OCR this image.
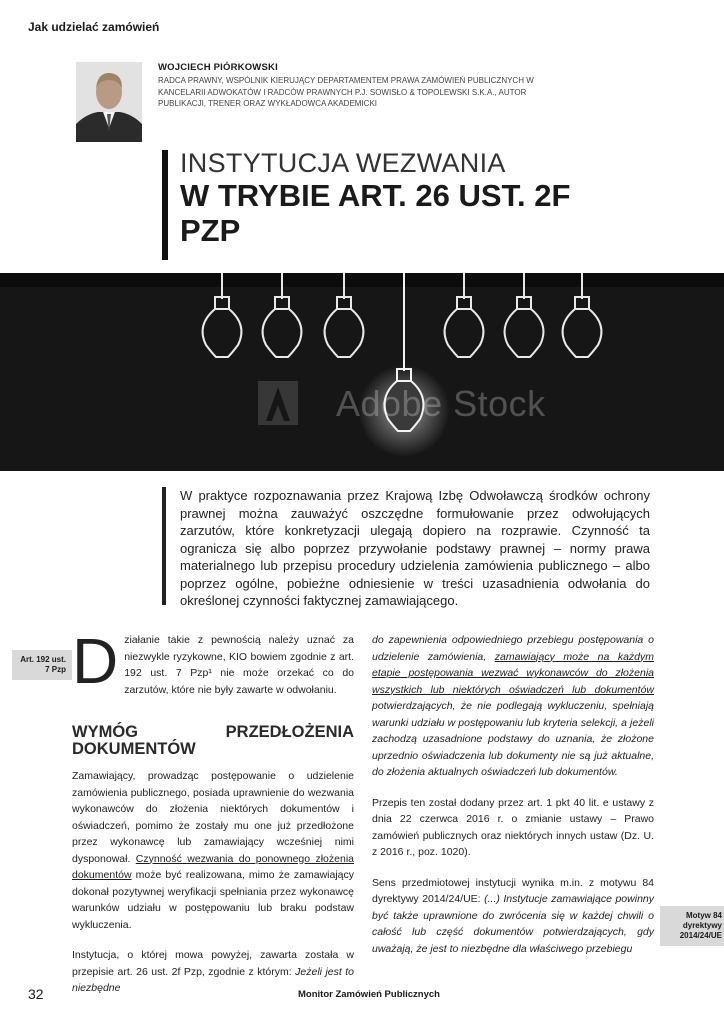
Jak udzielać zamówień
WOJCIECH PIÓRKOWSKI
RADCA PRAWNY, WSPÓLNIK KIERUJĄCY DEPARTAMENTEM PRAWA ZAMÓWIEŃ PUBLICZNYCH W KANCELARII ADWOKATÓW I RADCÓW PRAWNYCH P.J. SOWISŁO & TOPOLEWSKI S.K.A., AUTOR PUBLIKACJI, TRENER ORAZ WYKŁADOWCA AKADEMICKI
INSTYTUCJA WEZWANIA
W TRYBIE ART. 26 UST. 2F PZP
Adobe Stock
W praktyce rozpoznawania przez Krajową Izbę Odwoławczą środków ochrony prawnej można zauważyć oszczędne formułowanie przez odwołujących zarzutów, które konkretyzacji ulegają dopiero na rozprawie. Czynność ta ogranicza się albo poprzez przywołanie podstawy prawnej – normy prawa materialnego lub przepisu procedury udzielenia zamówienia publicznego – albo poprzez ogólne, pobieżne odniesienie w treści uzasadnienia odwołania do określonej czynności faktycznej zamawiającego.
Art. 192 ust. 7 Pzp
Motyw 84 dyrektywy 2014/24/UE
D ziałanie takie z pewnością należy uznać za niezwykle ryzykowne, KIO bowiem zgodnie z art. 192 ust. 7 Pzp¹ nie może orzekać co do zarzutów, które nie były zawarte w odwołaniu.
WYMÓG PRZEDŁOŻENIA DOKUMENTÓW
Zamawiający, prowadząc postępowanie o udzielenie zamówienia publicznego, posiada uprawnienie do wezwania wykonawców do złożenia niektórych dokumentów i oświadczeń, pomimo że zostały mu one już przedłożone przez wykonawcę lub zamawiający wcześniej nimi dysponował. Czynność wezwania do ponownego złożenia dokumentów może być realizowana, mimo że zamawiający dokonał pozytywnej weryfikacji spełniania przez wykonawcę warunków udziału w postępowaniu lub braku podstaw wykluczenia.
Instytucja, o której mowa powyżej, zawarta została w przepisie art. 26 ust. 2f Pzp, zgodnie z którym: Jeżeli jest to niezbędne
do zapewnienia odpowiedniego przebiegu postępowania o udzielenie zamówienia, zamawiający może na każdym etapie postępowania wezwać wykonawców do złożenia wszystkich lub niektórych oświadczeń lub dokumentów potwierdzających, że nie podlegają wykluczeniu, spełniają warunki udziału w postępowaniu lub kryteria selekcji, a jeżeli zachodzą uzasadnione podstawy do uznania, że złożone uprzednio oświadczenia lub dokumenty nie są już aktualne, do złożenia aktualnych oświadczeń lub dokumentów.
Przepis ten został dodany przez art. 1 pkt 40 lit. e ustawy z dnia 22 czerwca 2016 r. o zmianie ustawy – Prawo zamówień publicznych oraz niektórych innych ustaw (Dz. U. z 2016 r., poz. 1020).
Sens przedmiotowej instytucji wynika m.in. z motywu 84 dyrektywy 2014/24/UE: (...) Instytucje zamawiające powinny być także uprawnione do zwrócenia się w każdej chwili o całość lub część dokumentów potwierdzających, gdy uważają, że jest to niezbędne dla właściwego przebiegu
32	Monitor Zamówień Publicznych
